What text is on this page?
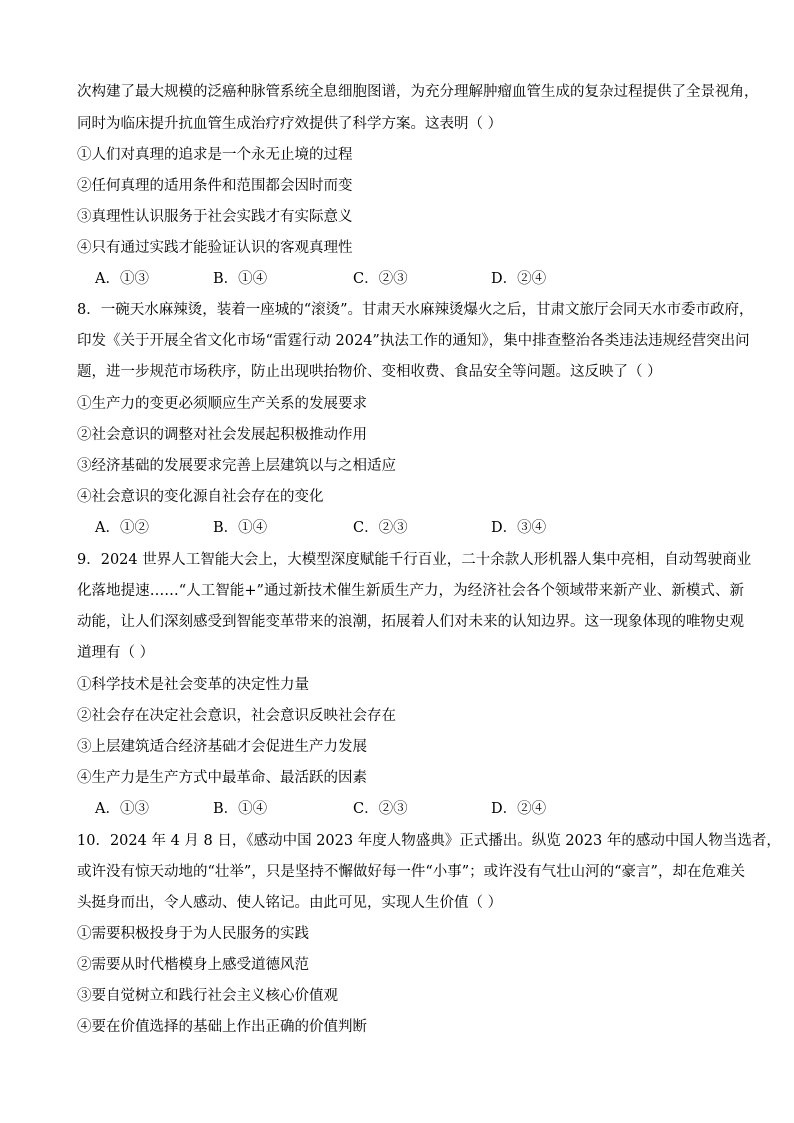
次构建了最大规模的泛癌种脉管系统全息细胞图谱，为充分理解肿瘤血管生成的复杂过程提供了全景视角，
同时为临床提升抗血管生成治疗疗效提供了科学方案。这表明（ ）
①人们对真理的追求是一个永无止境的过程
②任何真理的适用条件和范围都会因时而变
③真理性认识服务于社会实践才有实际意义
④只有通过实践才能验证认识的客观真理性
A．①③	B．①④	C．②③	D．②④
8．一碗天水麻辣烫，装着一座城的“滚烫”。甘肃天水麻辣烫爆火之后，甘肃文旅厅会同天水市委市政府，
印发《关于开展全省文化市场“雷霆行动 2024”执法工作的通知》，集中排查整治各类违法违规经营突出问
题，进一步规范市场秩序，防止出现哄抬物价、变相收费、食品安全等问题。这反映了（ ）
①生产力的变更必须顺应生产关系的发展要求
②社会意识的调整对社会发展起积极推动作用
③经济基础的发展要求完善上层建筑以与之相适应
④社会意识的变化源自社会存在的变化
A．①②	B．①④	C．②③	D．③④
9．2024 世界人工智能大会上，大模型深度赋能千行百业，二十余款人形机器人集中亮相，自动驾驶商业
化落地提速……“人工智能+”通过新技术催生新质生产力，为经济社会各个领域带来新产业、新模式、新
动能，让人们深刻感受到智能变革带来的浪潮，拓展着人们对未来的认知边界。这一现象体现的唯物史观
道理有（ ）
①科学技术是社会变革的决定性力量
②社会存在决定社会意识，社会意识反映社会存在
③上层建筑适合经济基础才会促进生产力发展
④生产力是生产方式中最革命、最活跃的因素
A．①③	B．①④	C．②③	D．②④
10．2024 年 4 月 8 日，《感动中国 2023 年度人物盛典》正式播出。纵览 2023 年的感动中国人物当选者，
或许没有惊天动地的“壮举”，只是坚持不懈做好每一件“小事”；或许没有气壮山河的“豪言”，却在危难关
头挺身而出，令人感动、使人铭记。由此可见，实现人生价值（ ）
①需要积极投身于为人民服务的实践
②需要从时代楷模身上感受道德风范
③要自觉树立和践行社会主义核心价值观
④要在价值选择的基础上作出正确的价值判断
